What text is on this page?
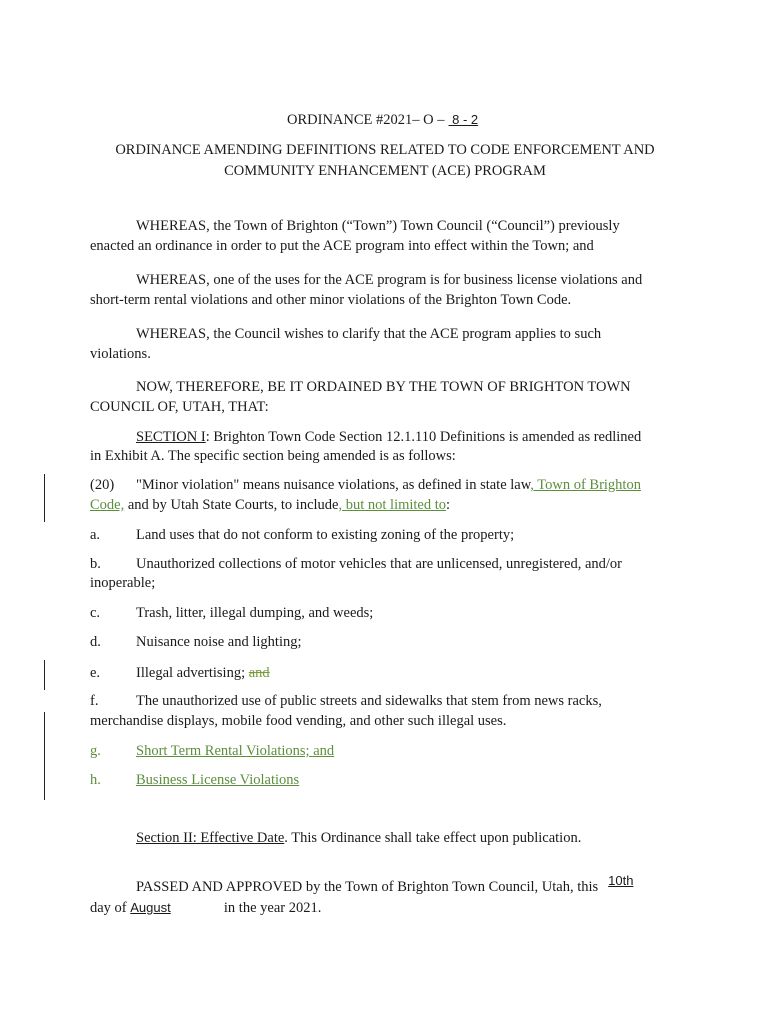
ORDINANCE #2021– O – 8 - 2
ORDINANCE AMENDING DEFINITIONS RELATED TO CODE ENFORCEMENT AND
COMMUNITY ENHANCEMENT (ACE) PROGRAM
WHEREAS, the Town of Brighton (“Town”) Town Council (“Council”) previously
enacted an ordinance in order to put the ACE program into effect within the Town; and
WHEREAS, one of the uses for the ACE program is for business license violations and
short-term rental violations and other minor violations of the Brighton Town Code.
WHEREAS, the Council wishes to clarify that the ACE program applies to such
violations.
NOW, THEREFORE, BE IT ORDAINED BY THE TOWN OF BRIGHTON TOWN
COUNCIL OF, UTAH, THAT:
SECTION I: Brighton Town Code Section 12.1.110 Definitions is amended as redlined
in Exhibit A. The specific section being amended is as follows:
(20) "Minor violation" means nuisance violations, as defined in state law, Town of Brighton
Code, and by Utah State Courts, to include, but not limited to:
a. Land uses that do not conform to existing zoning of the property;
b. Unauthorized collections of motor vehicles that are unlicensed, unregistered, and/or
inoperable;
c. Trash, litter, illegal dumping, and weeds;
d. Nuisance noise and lighting;
e. Illegal advertising; and
f.	The unauthorized use of public streets and sidewalks that stem from news racks,
merchandise displays, mobile food vending, and other such illegal uses.
g. Short Term Rental Violations; and
h. Business License Violations
Section II: Effective Date. This Ordinance shall take effect upon publication.
PASSED AND APPROVED by the Town of Brighton Town Council, Utah, this 10th
day of August	in the year 2021.
